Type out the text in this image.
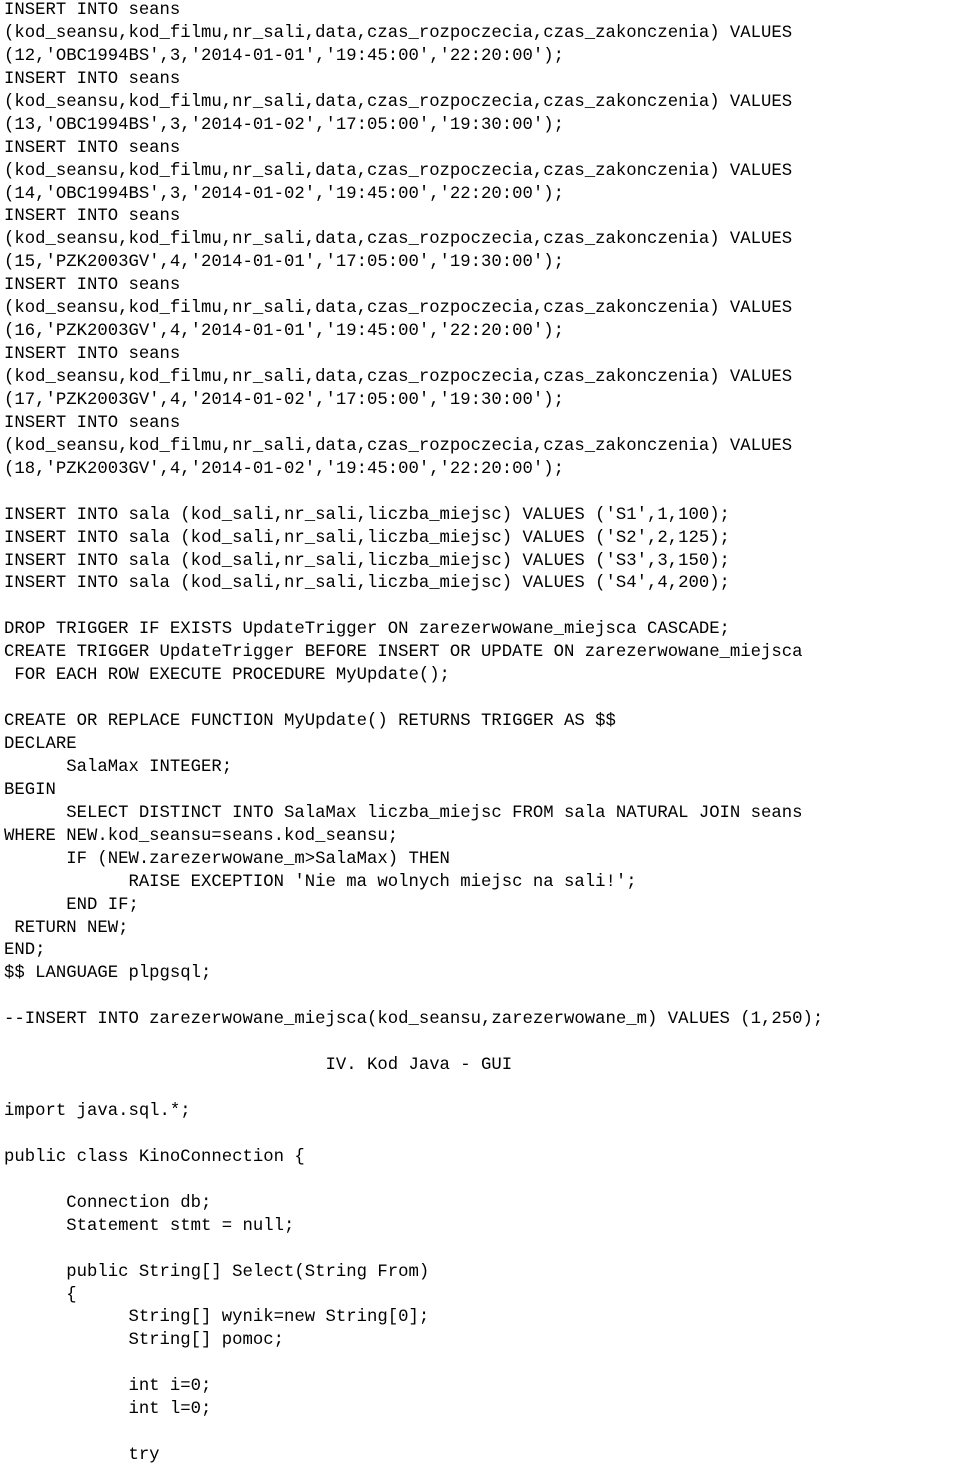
INSERT INTO seans
(kod_seansu,kod_filmu,nr_sali,data,czas_rozpoczecia,czas_zakonczenia) VALUES
(12,'OBC1994BS',3,'2014-01-01','19:45:00','22:20:00');
INSERT INTO seans
(kod_seansu,kod_filmu,nr_sali,data,czas_rozpoczecia,czas_zakonczenia) VALUES
(13,'OBC1994BS',3,'2014-01-02','17:05:00','19:30:00');
INSERT INTO seans
(kod_seansu,kod_filmu,nr_sali,data,czas_rozpoczecia,czas_zakonczenia) VALUES
(14,'OBC1994BS',3,'2014-01-02','19:45:00','22:20:00');
INSERT INTO seans
(kod_seansu,kod_filmu,nr_sali,data,czas_rozpoczecia,czas_zakonczenia) VALUES
(15,'PZK2003GV',4,'2014-01-01','17:05:00','19:30:00');
INSERT INTO seans
(kod_seansu,kod_filmu,nr_sali,data,czas_rozpoczecia,czas_zakonczenia) VALUES
(16,'PZK2003GV',4,'2014-01-01','19:45:00','22:20:00');
INSERT INTO seans
(kod_seansu,kod_filmu,nr_sali,data,czas_rozpoczecia,czas_zakonczenia) VALUES
(17,'PZK2003GV',4,'2014-01-02','17:05:00','19:30:00');
INSERT INTO seans
(kod_seansu,kod_filmu,nr_sali,data,czas_rozpoczecia,czas_zakonczenia) VALUES
(18,'PZK2003GV',4,'2014-01-02','19:45:00','22:20:00');
INSERT INTO sala (kod_sali,nr_sali,liczba_miejsc) VALUES ('S1',1,100);
INSERT INTO sala (kod_sali,nr_sali,liczba_miejsc) VALUES ('S2',2,125);
INSERT INTO sala (kod_sali,nr_sali,liczba_miejsc) VALUES ('S3',3,150);
INSERT INTO sala (kod_sali,nr_sali,liczba_miejsc) VALUES ('S4',4,200);
DROP TRIGGER IF EXISTS UpdateTrigger ON zarezerwowane_miejsca CASCADE;
CREATE TRIGGER UpdateTrigger BEFORE INSERT OR UPDATE ON zarezerwowane_miejsca
FOR EACH ROW EXECUTE PROCEDURE MyUpdate();
CREATE OR REPLACE FUNCTION MyUpdate() RETURNS TRIGGER AS $$
DECLARE
SalaMax INTEGER;
BEGIN
SELECT DISTINCT INTO SalaMax liczba_miejsc FROM sala NATURAL JOIN seans
WHERE NEW.kod_seansu=seans.kod_seansu;
IF (NEW.zarezerwowane_m>SalaMax) THEN
RAISE EXCEPTION 'Nie ma wolnych miejsc na sali!';
END IF;
RETURN NEW;
END;
$$ LANGUAGE plpgsql;
--INSERT INTO zarezerwowane_miejsca(kod_seansu,zarezerwowane_m) VALUES (1,250);
IV. Kod Java - GUI
import java.sql.*;
public class KinoConnection {
Connection db;
Statement stmt = null;
public String[] Select(String From)
{
String[] wynik=new String[0];
String[] pomoc;
int i=0;
int l=0;
try
